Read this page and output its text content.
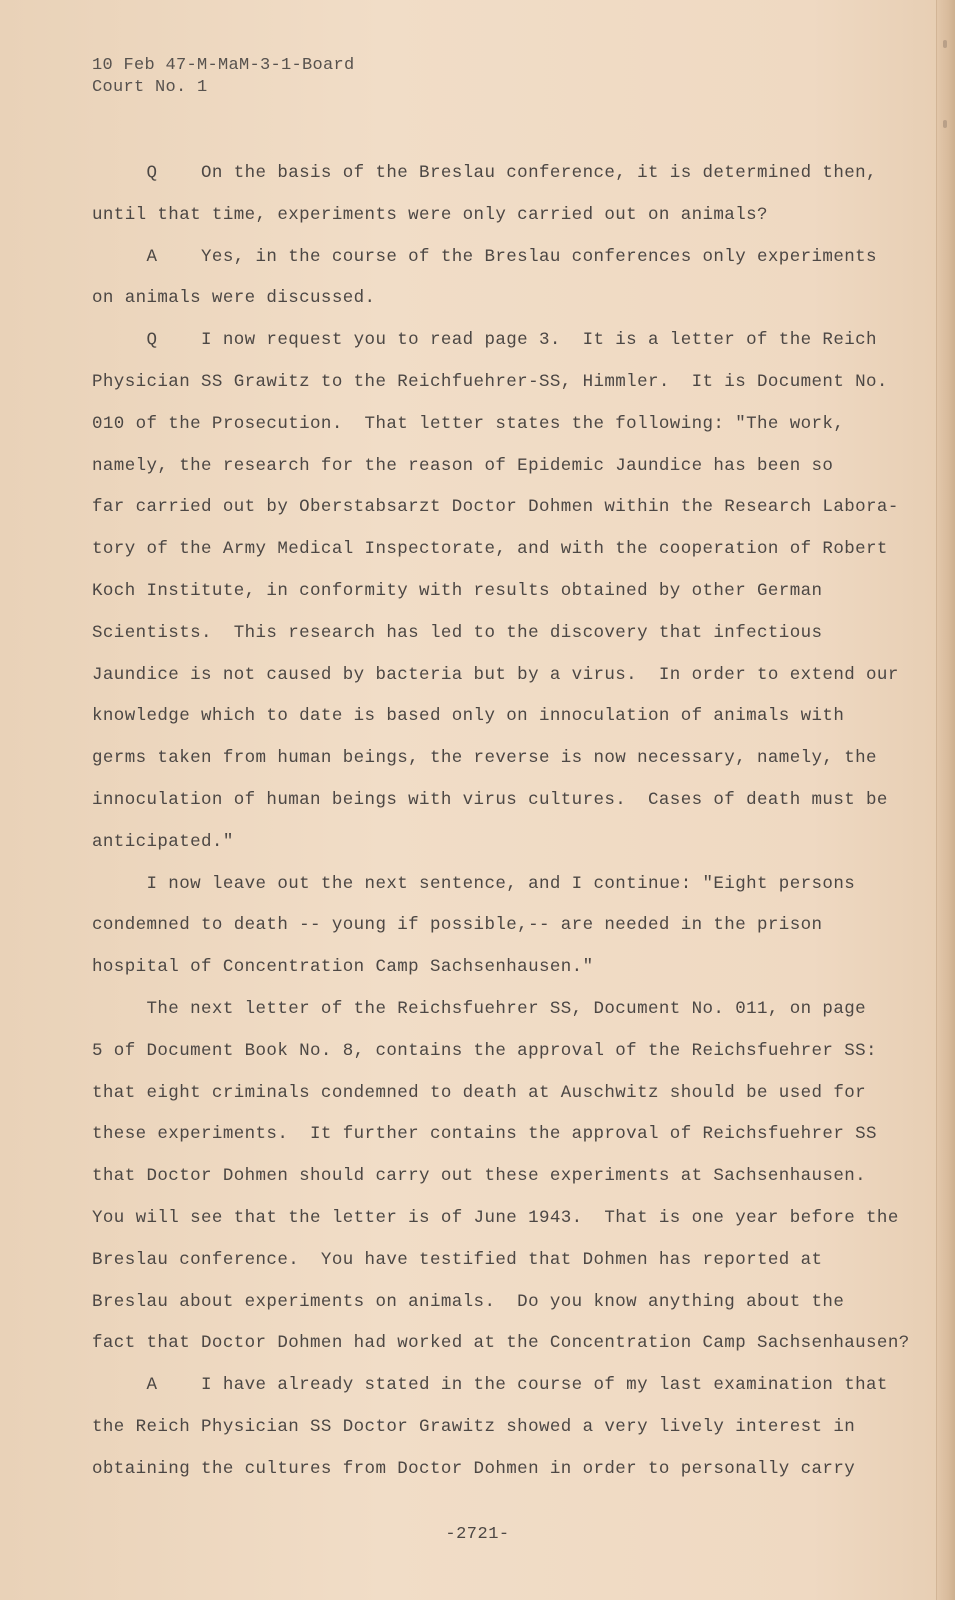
10 Feb 47-M-MaM-3-1-Board
Court No. 1
Q    On the basis of the Breslau conference, it is determined then,
until that time, experiments were only carried out on animals?
A    Yes, in the course of the Breslau conferences only experiments
on animals were discussed.
Q    I now request you to read page 3.  It is a letter of the Reich
Physician SS Grawitz to the Reichfuehrer-SS, Himmler.  It is Document No.
010 of the Prosecution.  That letter states the following: "The work,
namely, the research for the reason of Epidemic Jaundice has been so
far carried out by Oberstabsarzt Doctor Dohmen within the Research Labora-
tory of the Army Medical Inspectorate, and with the cooperation of Robert
Koch Institute, in conformity with results obtained by other German
Scientists.  This research has led to the discovery that infectious
Jaundice is not caused by bacteria but by a virus.  In order to extend our
knowledge which to date is based only on innoculation of animals with
germs taken from human beings, the reverse is now necessary, namely, the
innoculation of human beings with virus cultures.  Cases of death must be
anticipated."
I now leave out the next sentence, and I continue: "Eight persons
condemned to death -- young if possible,-- are needed in the prison
hospital of Concentration Camp Sachsenhausen."
The next letter of the Reichsfuehrer SS, Document No. 011, on page
5 of Document Book No. 8, contains the approval of the Reichsfuehrer SS:
that eight criminals condemned to death at Auschwitz should be used for
these experiments.  It further contains the approval of Reichsfuehrer SS
that Doctor Dohmen should carry out these experiments at Sachsenhausen.
You will see that the letter is of June 1943.  That is one year before the
Breslau conference.  You have testified that Dohmen has reported at
Breslau about experiments on animals.  Do you know anything about the
fact that Doctor Dohmen had worked at the Concentration Camp Sachsenhausen?
A    I have already stated in the course of my last examination that
the Reich Physician SS Doctor Grawitz showed a very lively interest in
obtaining the cultures from Doctor Dohmen in order to personally carry
-2721-
